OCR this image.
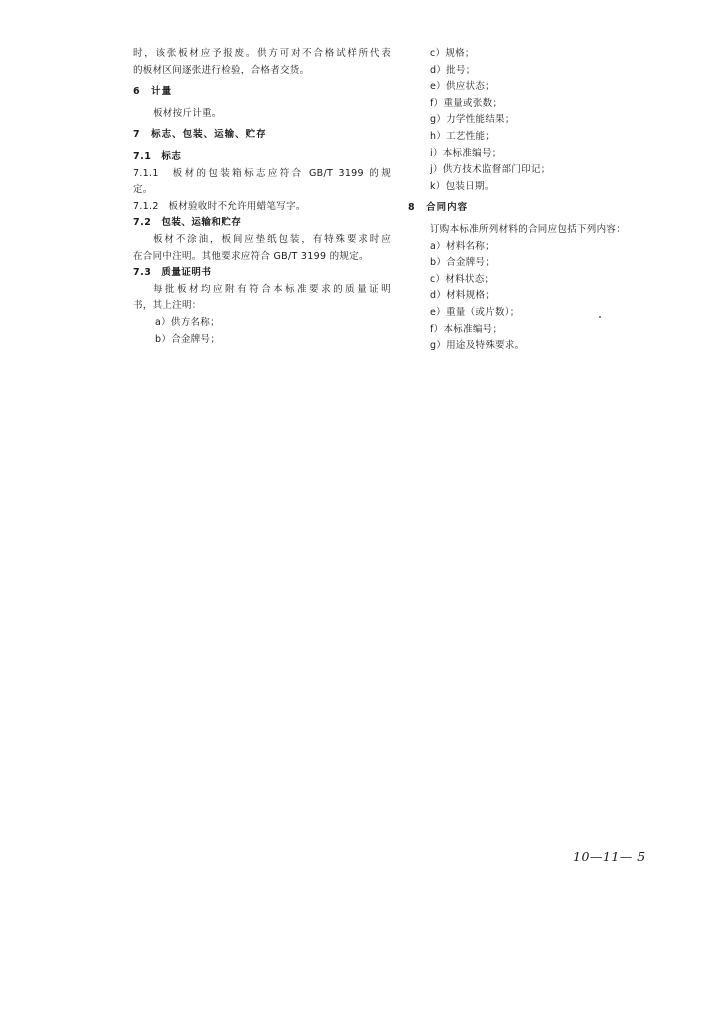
时，该张板材应予报废。供方可对不合格试样所代表
的板材区间逐张进行检验，合格者交货。
6　计量
板材按斤计重。
7　标志、包装、运输、贮存
7.1　标志
7.1.1　板材的包装箱标志应符合 GB/T 3199 的规
定。
7.1.2　板材验收时不允许用蜡笔写字。
7.2　包装、运输和贮存
板材不涂油，板间应垫纸包装，有特殊要求时应
在合同中注明。其他要求应符合 GB/T 3199 的规定。
7.3　质量证明书
每批板材均应附有符合本标准要求的质量证明
书，其上注明：
a）供方名称；
b）合金牌号；
c）规格；
d）批号；
e）供应状态；
f）重量或张数；
g）力学性能结果；
h）工艺性能；
i）本标准编号；
j）供方技术监督部门印记；
k）包装日期。
8　合同内容
订购本标准所列材料的合同应包括下列内容：
a）材料名称；
b）合金牌号；
c）材料状态；
d）材料规格；
e）重量（或片数）；
f）本标准编号；
g）用途及特殊要求。
10—11— 5
